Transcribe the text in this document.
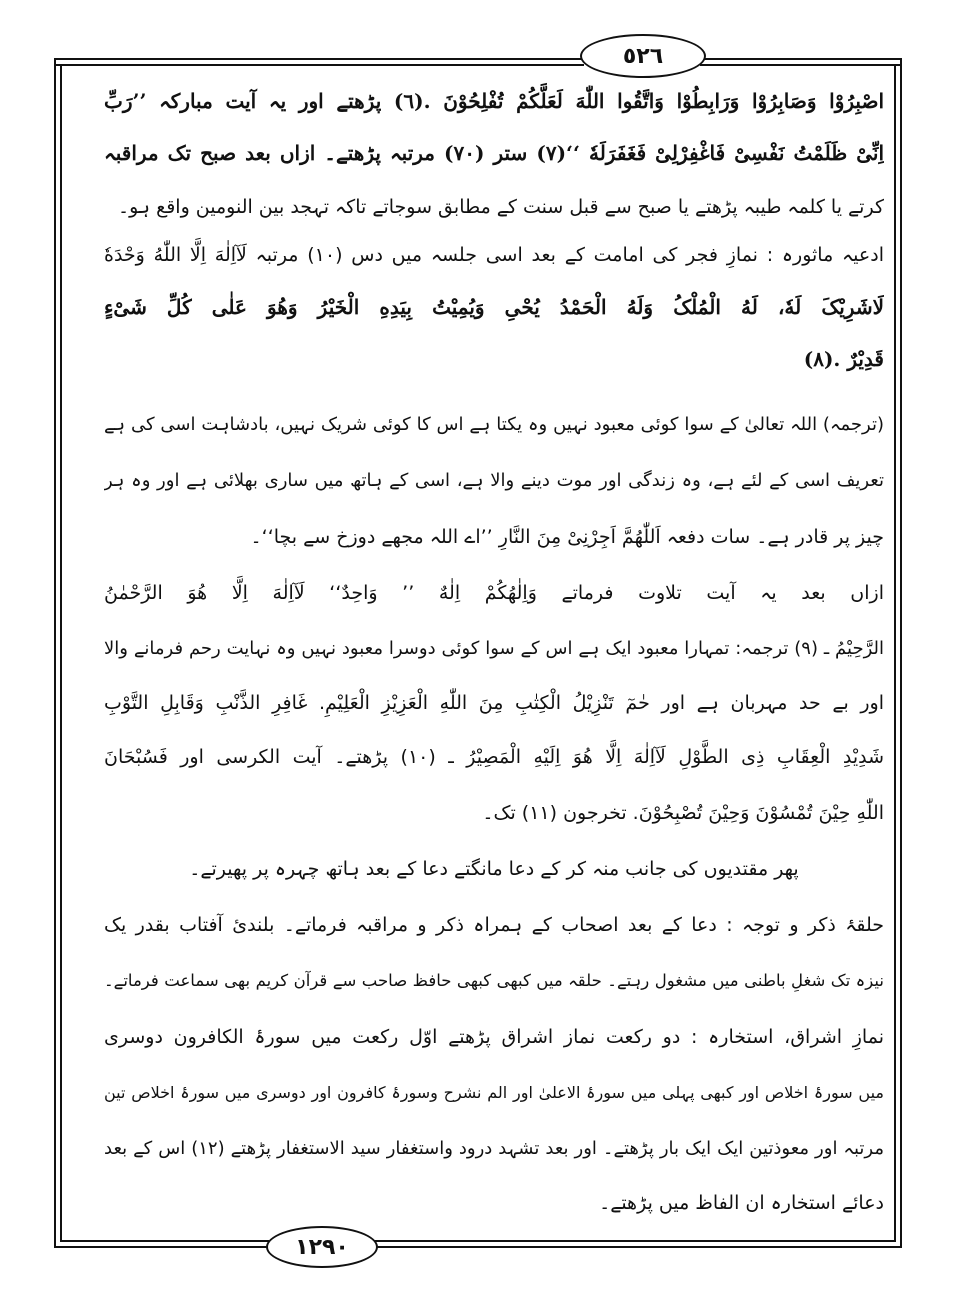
٥٢٦
١٢٩٠
اصْبِرُوْا وَصَابِرُوْا وَرَابِطُوْا وَاتَّقُوا اللّٰهَ لَعَلَّكُمْ تُفْلِحُوْنَ .(٦) پڑھتے اور یہ آیت مبارکہ ’’رَبِّ
اِنِّیْ ظَلَمْتُ نَفْسِیْ فَاغْفِرْلِیْ فَغَفَرَلَهٗ ‘‘(٧) ستر (٧٠) مرتبہ پڑھتے۔ ازاں بعد صبح تک مراقبہ
کرتے یا کلمہ طیبہ پڑھتے یا صبح سے قبل سنت کے مطابق سوجاتے تاکہ تہجد بین النومین واقع ہو۔
ادعیہ ماثورہ : نمازِ فجر کی امامت کے بعد اسی جلسہ میں دس (١٠) مرتبہ لَآاِلٰهَ اِلَّا اللّٰهُ وَحْدَهٗ
لَاشَرِیْکَ لَهٗ، لَهُ الْمُلْکُ وَلَهُ الْحَمْدُ یُحْیِ وَیُمِیْتُ بِیَدِهِ الْخَیْرُ وَهُوَ عَلٰی کُلِّ شَیْءٍ
قَدِیْرٌ .(٨)
(ترجمہ) اللہ تعالیٰ کے سوا کوئی معبود نہیں وہ یکتا ہے اس کا کوئی شریک نہیں، بادشاہت اسی کی ہے
تعریف اسی کے لئے ہے، وہ زندگی اور موت دینے والا ہے، اسی کے ہاتھ میں ساری بھلائی ہے اور وہ ہر
چیز پر قادر ہے۔ سات دفعہ اَللّٰهُمَّ اَجِرْنِیْ مِنَ النَّارِ ’’اے اللہ مجھے دوزخ سے بچا‘‘۔
ازاں بعد یہ آیت تلاوت فرماتے وَاِلٰهُکُمْ اِلٰهٌ ’’ وَاحِدٌ‘‘ لَآاِلٰهَ اِلَّا هُوَ الرَّحْمٰنُ
الرَّحِیْمُ ـ (٩) ترجمہ: تمہارا معبود ایک ہے اس کے سوا کوئی دوسرا معبود نہیں وہ نہایت رحم فرمانے والا
اور بے حد مہربان ہے اور حٰمٓ تَنْزِیْلُ الْکِتٰبِ مِنَ اللّٰهِ الْعَزِیْزِ الْعَلِیْمِ. غَافِرِ الذَّنْبِ وَقَابِلِ التَّوْبِ
شَدِیْدِ الْعِقَابِ ذِی الطَّوْلِ لَآاِلٰهَ اِلَّا هُوَ اِلَیْهِ الْمَصِیْرُ ـ (١٠) پڑھتے۔ آیت الکرسی اور فَسُبْحَانَ
اللّٰهِ حِیْنَ تُمْسُوْنَ وَحِیْنَ تُصْبِحُوْنَ. تخرجون (١١) تک۔
پھر مقتدیوں کی جانب منہ کر کے دعا مانگتے دعا کے بعد ہاتھ چہرہ پر پھیرتے۔
حلقۂ ذکر و توجہ : دعا کے بعد اصحاب کے ہمراہ ذکر و مراقبہ فرماتے۔ بلندیٔ آفتاب بقدر یک
نیزہ تک شغلِ باطنی میں مشغول رہتے۔ حلقہ میں کبھی کبھی حافظ صاحب سے قرآن کریم بھی سماعت فرماتے۔
نمازِ اشراق، استخارہ : دو رکعت نماز اشراق پڑھتے اوّل رکعت میں سورۂ الکافرون دوسری
میں سورۂ اخلاص اور کبھی پہلی میں سورۂ الاعلیٰ اور الم نشرح وسورۂ کافرون اور دوسری میں سورۂ اخلاص تین
مرتبہ اور معوذتین ایک ایک بار پڑھتے۔ اور بعد تشہد درود واستغفار سید الاستغفار پڑھتے (١٢) اس کے بعد
دعائے استخارہ ان الفاظ میں پڑھتے۔
